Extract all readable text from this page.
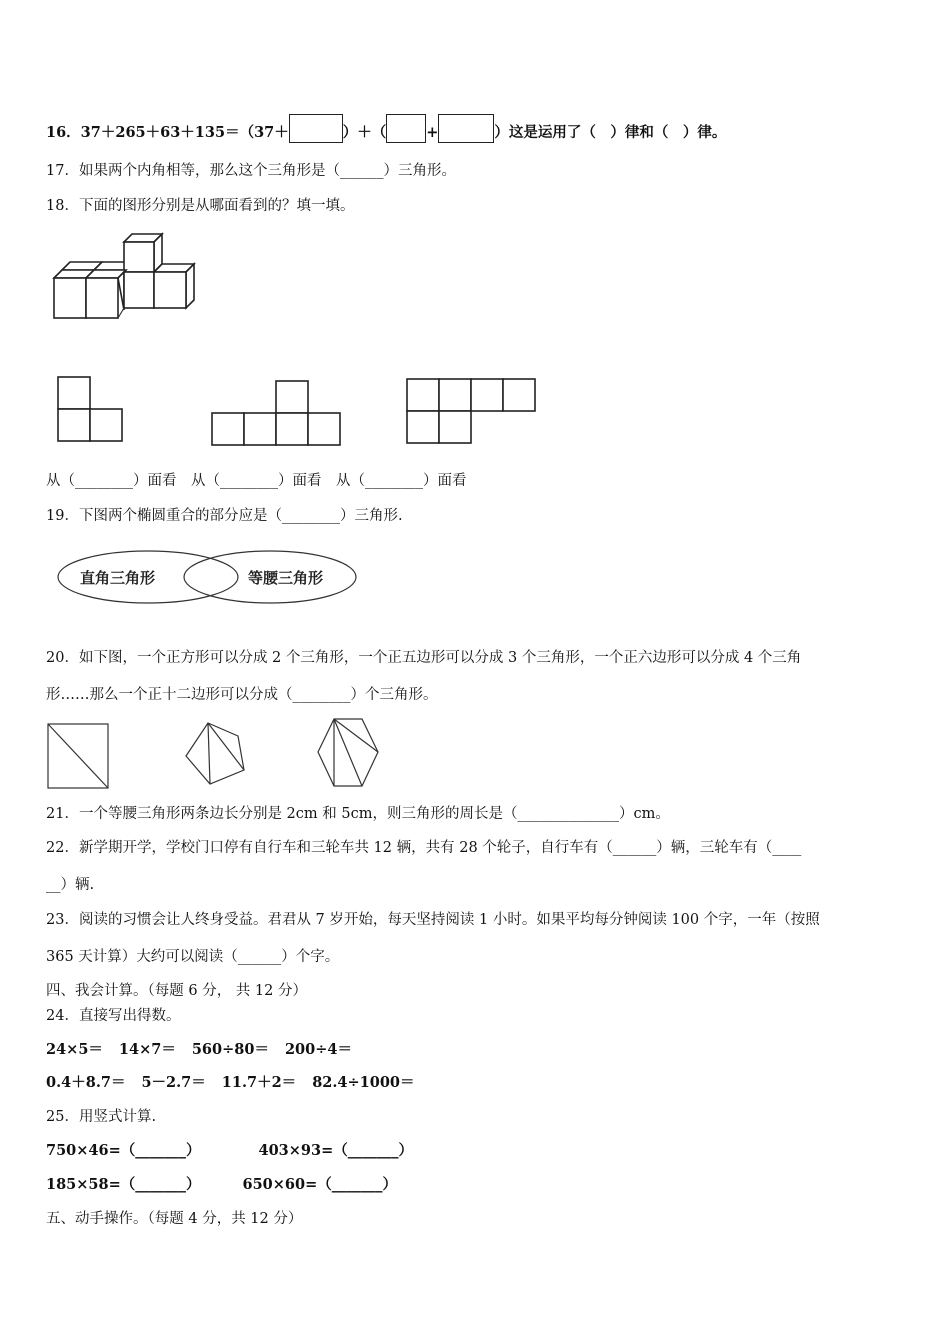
16．37＋265＋63＋135＝（37＋	）＋（	+	）这是运用了（　）律和（　）律。
17．如果两个内角相等，那么这个三角形是（______）三角形。
18．下面的图形分别是从哪面看到的？填一填。
从（________）面看　从（________）面看　从（________）面看
19．下图两个椭圆重合的部分应是（________）三角形.
直角三角形	等腰三角形
20．如下图，一个正方形可以分成 2 个三角形，一个正五边形可以分成 3 个三角形，一个正六边形可以分成 4 个三角
形……那么一个正十二边形可以分成（________）个三角形。
21．一个等腰三角形两条边长分别是 2cm 和 5cm，则三角形的周长是（______________）cm。
22．新学期开学，学校门口停有自行车和三轮车共 12 辆，共有 28 个轮子，自行车有（______）辆，三轮车有（____
__）辆.
23．阅读的习惯会让人终身受益。君君从 7 岁开始，每天坚持阅读 1 小时。如果平均每分钟阅读 100 个字，一年（按照
365 天计算）大约可以阅读（______）个字。
四、我会计算。（每题 6 分， 共 12 分）
24．直接写出得数。
24×5＝ 14×7＝ 560÷80＝ 200÷4＝
0.4＋8.7＝ 5－2.7＝ 11.7＋2＝ 82.4÷1000＝
25．用竖式计算.
750×46=（_______）	403×93=（_______）
185×58=（_______）	650×60=（_______）
五、动手操作。（每题 4 分，共 12 分）
